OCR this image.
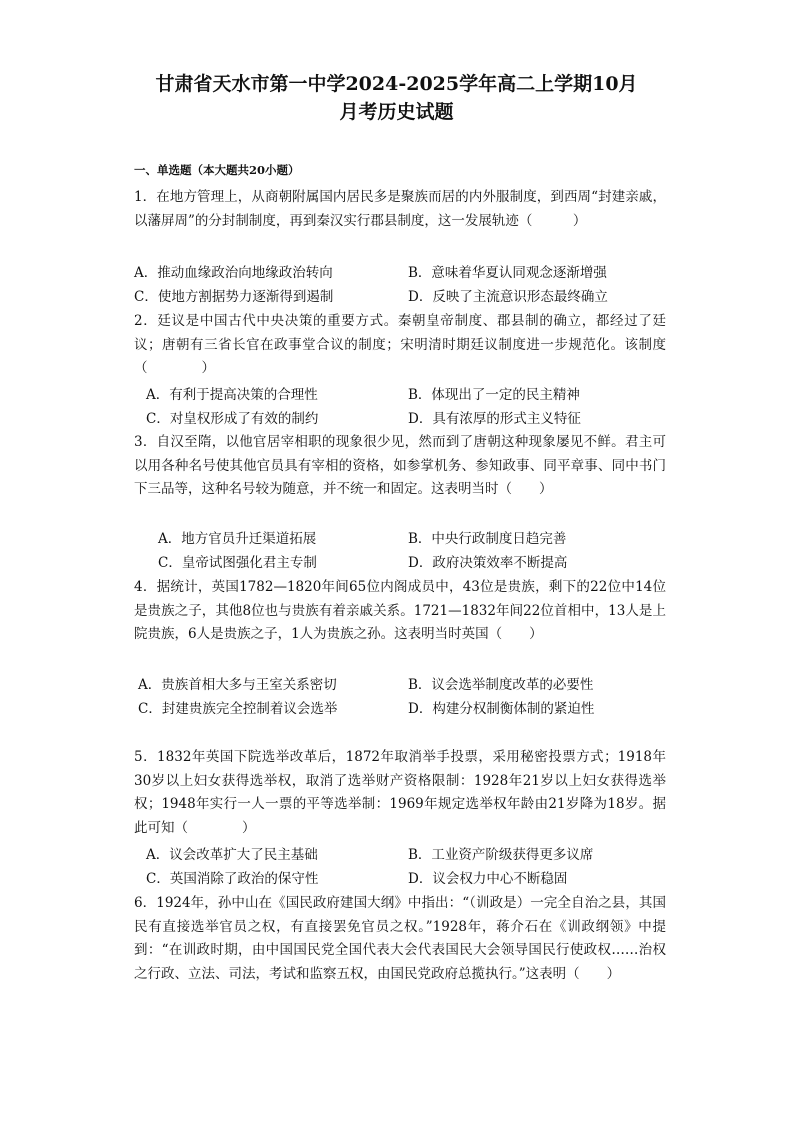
甘肃省天水市第一中学2024-2025学年高二上学期10月
月考历史试题
一、单选题（本大题共20小题）
1．在地方管理上，从商朝附属国内居民多是聚族而居的内外服制度，到西周“封建亲戚，以藩屏周”的分封制制度，再到秦汉实行郡县制度，这一发展轨迹（　　　）
A．推动血缘政治向地缘政治转向	B．意味着华夏认同观念逐渐增强
C．使地方割据势力逐渐得到遏制	D．反映了主流意识形态最终确立
2．廷议是中国古代中央决策的重要方式。秦朝皇帝制度、郡县制的确立，都经过了廷议；唐朝有三省长官在政事堂合议的制度；宋明清时期廷议制度进一步规范化。该制度（　　　　）
A．有利于提高决策的合理性	B．体现出了一定的民主精神
C．对皇权形成了有效的制约	D．具有浓厚的形式主义特征
3．自汉至隋，以他官居宰相职的现象很少见，然而到了唐朝这种现象屡见不鲜。君主可以用各种名号使其他官员具有宰相的资格，如参掌机务、参知政事、同平章事、同中书门下三品等，这种名号较为随意，并不统一和固定。这表明当时（　　）
A．地方官员升迁渠道拓展	B．中央行政制度日趋完善
C．皇帝试图强化君主专制	D．政府决策效率不断提高
4．据统计，英国1782—1820年间65位内阁成员中，43位是贵族，剩下的22位中14位是贵族之子，其他8位也与贵族有着亲戚关系。1721—1832年间22位首相中，13人是上院贵族，6人是贵族之子，1人为贵族之孙。这表明当时英国（　　）
A．贵族首相大多与王室关系密切	B．议会选举制度改革的必要性
C．封建贵族完全控制着议会选举	D．构建分权制衡体制的紧迫性
5．1832年英国下院选举改革后，1872年取消举手投票，采用秘密投票方式；1918年30岁以上妇女获得选举权，取消了选举财产资格限制：1928年21岁以上妇女获得选举权；1948年实行一人一票的平等选举制：1969年规定选举权年龄由21岁降为18岁。据此可知（　　　　）
A．议会改革扩大了民主基础	B．工业资产阶级获得更多议席
C．英国消除了政治的保守性	D．议会权力中心不断稳固
6．1924年，孙中山在《国民政府建国大纲》中指出：“（训政是）一完全自治之县，其国民有直接选举官员之权，有直接罢免官员之权。”1928年，蒋介石在《训政纲领》中提到：“在训政时期，由中国国民党全国代表大会代表国民大会领导国民行使政权……治权之行政、立法、司法，考试和监察五权，由国民党政府总揽执行。”这表明（　　）
